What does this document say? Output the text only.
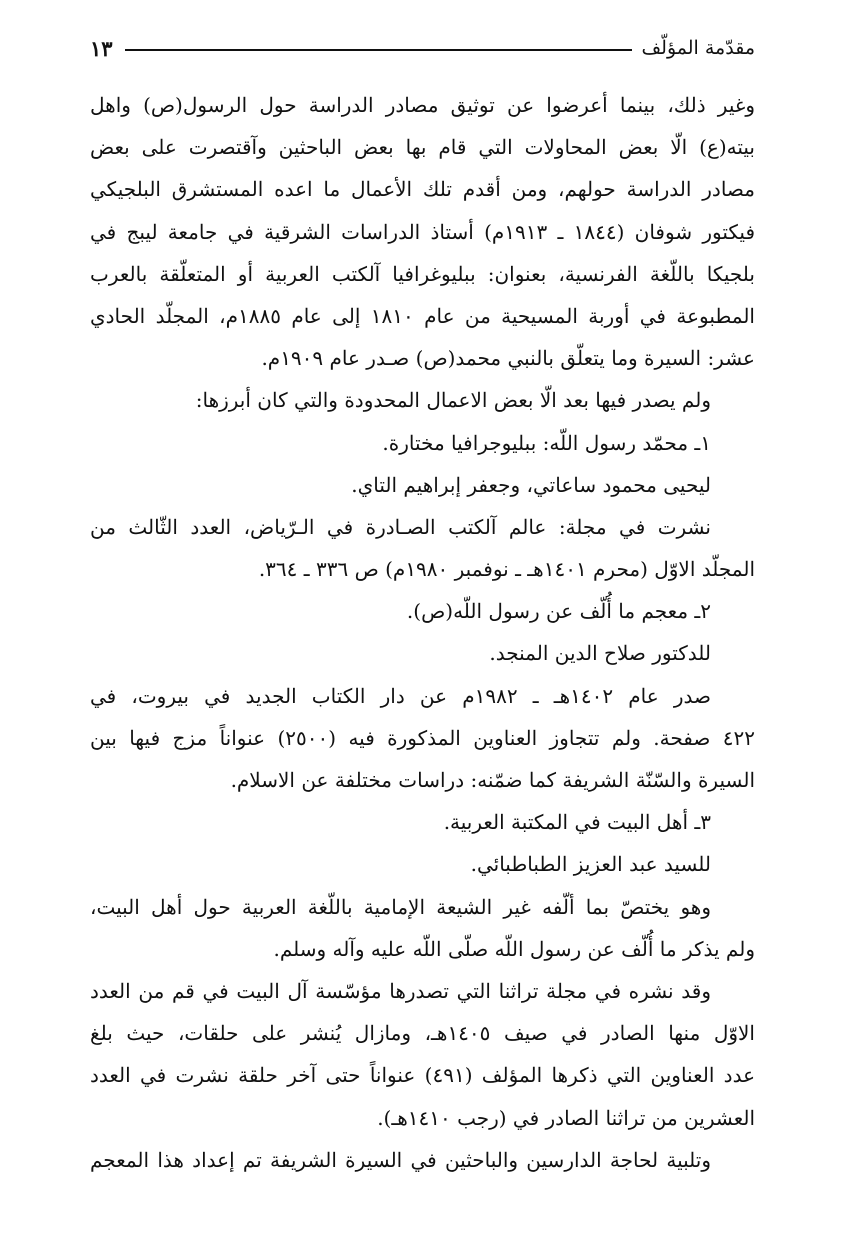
مقدّمة المؤلّف
١٣
وغير ذلك، بينما أعرضوا عن توثيق مصادر الدراسة حول الرسول(ص) واهل
بيته(ع) الّا بعض المحاولات التي قام بها بعض الباحثين وآقتصرت على بعض
مصادر الدراسة حولهم، ومن أقدم تلك الأعمال ما اعده المستشرق البلجيكي
فيكتور شوفان (١٨٤٤ ـ ١٩١٣م) أستاذ الدراسات الشرقية في جامعة ليبج في
بلجيكا باللّغة الفرنسية، بعنوان: ببليوغرافيا آلكتب العربية أو المتعلّقة بالعرب
المطبوعة في أوربة المسيحية من عام ١٨١٠ إلى عام ١٨٨٥م، المجلّد الحادي
عشر: السيرة وما يتعلّق بالنبي محمد(ص) صـدر عام ١٩٠٩م.
ولم يصدر فيها بعد الّا بعض الاعمال المحدودة والتي كان أبرزها:
١ـ محمّد رسول اللّه: ببليوجرافيا مختارة.
ليحيى محمود ساعاتي، وجعفر إبراهيم التاي.
نشرت في مجلة: عالم آلكتب الصـادرة في الـرّياض، العدد الثّالث من
المجلّد الاوّل (محرم ١٤٠١هـ ـ نوفمبر ١٩٨٠م) ص ٣٣٦ ـ ٣٦٤.
٢ـ معجم ما أُلّف عن رسول اللّه(ص).
للدكتور صلاح الدين المنجد.
صدر عام ١٤٠٢هـ ـ ١٩٨٢م عن دار الكتاب الجديد في بيروت، في
٤٢٢ صفحة. ولم تتجاوز العناوين المذكورة فيه (٢٥٠٠) عنواناً مزج فيها بين
السيرة والسّنّة الشريفة كما ضمّنه: دراسات مختلفة عن الاسلام.
٣ـ أهل البيت في المكتبة العربية.
للسيد عبد العزيز الطباطبائي.
وهو يختصّ بما ألّفه غير الشيعة الإمامية باللّغة العربية حول أهل البيت،
ولم يذكر ما أُلّف عن رسول اللّه صلّى اللّه عليه وآله وسلم.
وقد نشره في مجلة تراثنا التي تصدرها مؤسّسة آل البيت في قم من العدد
الاوّل منها الصادر في صيف ١٤٠٥هـ، ومازال يُنشر على حلقات، حيث بلغ
عدد العناوين التي ذكرها المؤلف (٤٩١) عنواناً حتى آخر حلقة نشرت في العدد
العشرين من تراثنا الصادر في (رجب ١٤١٠هـ).
وتلبية لحاجة الدارسين والباحثين في السيرة الشريفة تم إعداد هذا المعجم
